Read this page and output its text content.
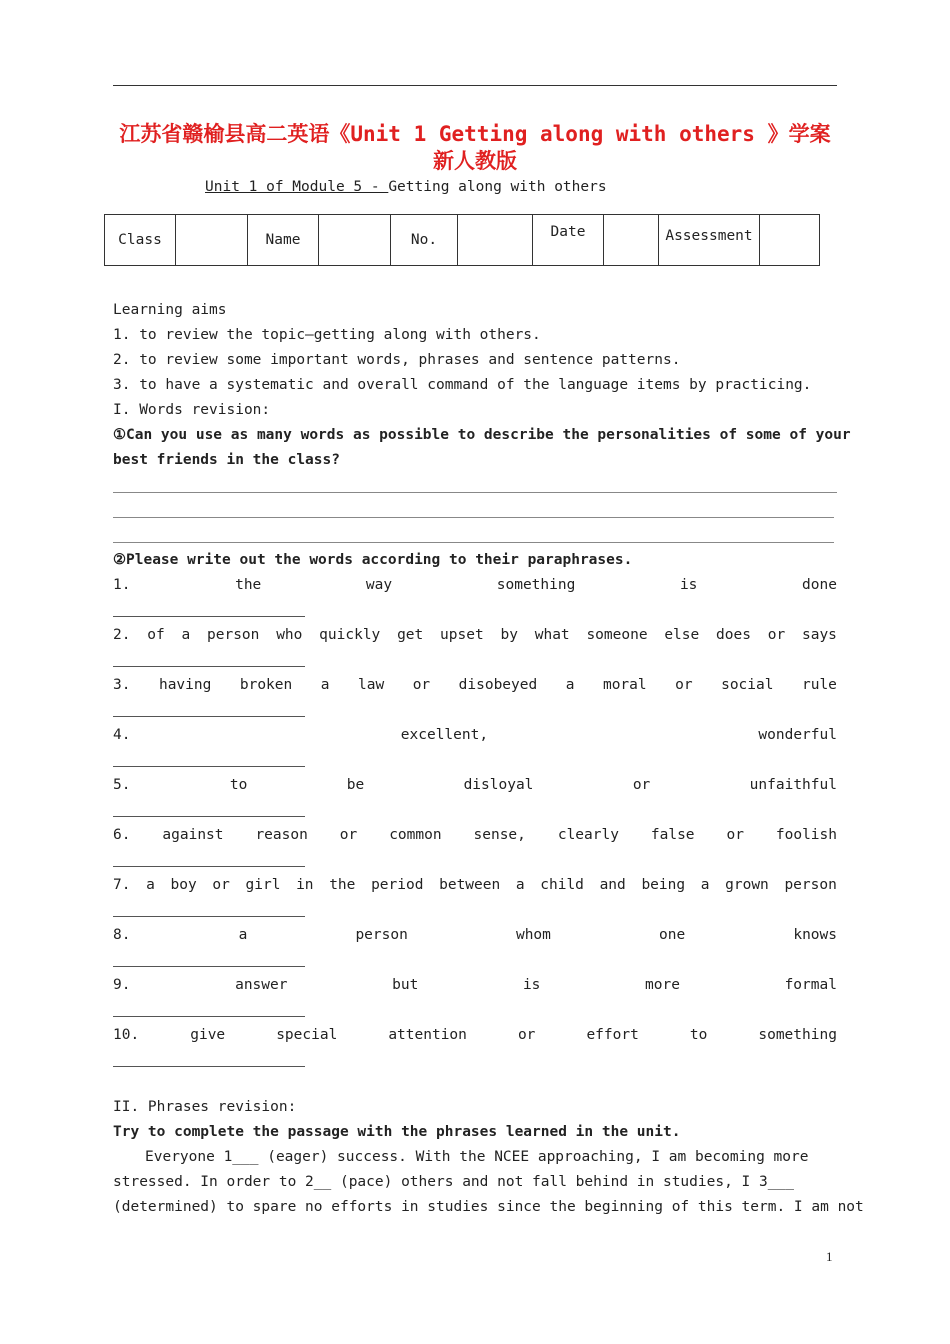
江苏省赣榆县高二英语《Unit 1 Getting along with others 》学案 新人教版
Unit 1 of Module 5 - Getting along with others
Class		Name		No.		Date		Assessment	
Learning aims
1. to review the topic—getting along with others.
2. to review some important words, phrases and sentence patterns.
3. to have a systematic and overall command of the language items by practicing.
I. Words revision:
①Can you use as many words as possible to describe the personalities of some of your
best friends in the class?
②Please write out the words according to their paraphrases.
1.	the	way	something	is	done
2. of a person who quickly get upset by what someone else does or says
3. having broken a law or disobeyed a moral or social rule
4.	excellent,	wonderful
5.	to	be	disloyal	or	unfaithful
6. against reason or common sense, clearly false or foolish
7. a boy or girl in the period between a child and being a grown person
8.	a	person	whom	one	knows
9.	answer	but	is	more	formal
10.	give	special	attention	or	effort	to	something
II. Phrases revision:
Try to complete the passage with the phrases learned in the unit.
Everyone 1___ (eager) success. With the NCEE approaching, I am becoming more
stressed. In order to 2__ (pace) others and not fall behind in studies, I 3___
(determined) to spare no efforts in studies since the beginning of this term. I am not
1
